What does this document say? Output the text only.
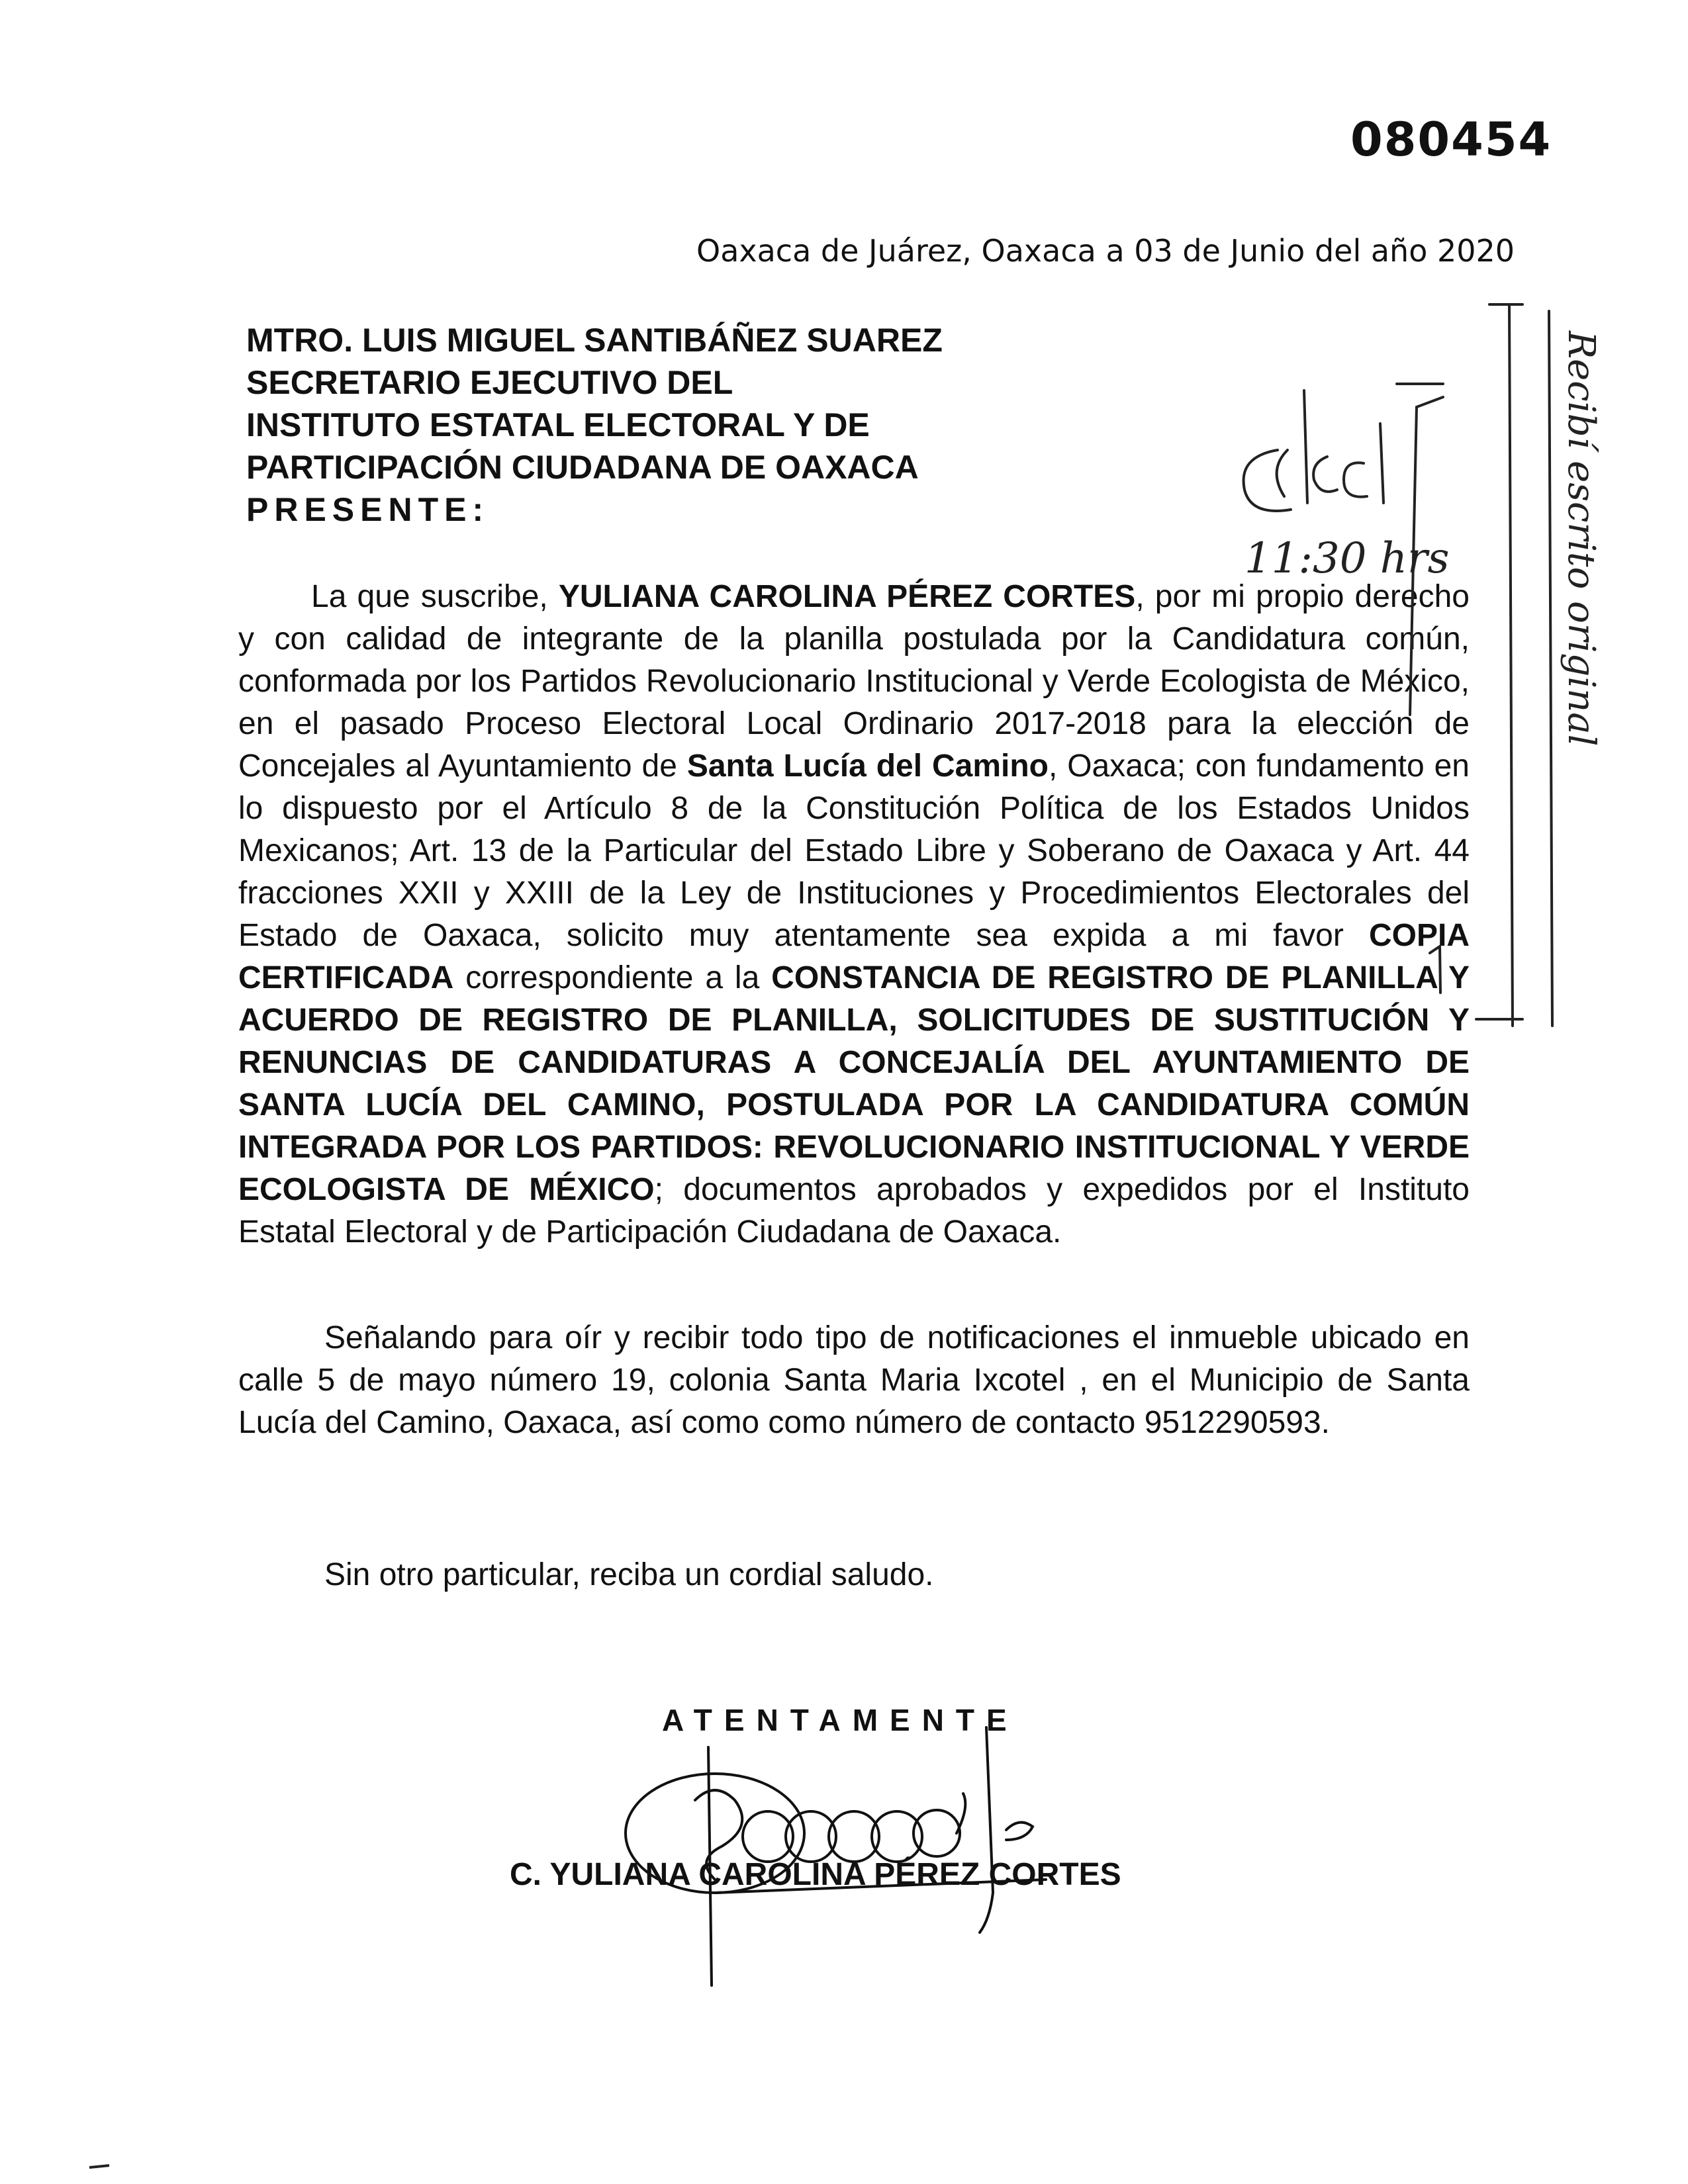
080454
Oaxaca de Juárez, Oaxaca a 03 de Junio del año 2020
MTRO. LUIS MIGUEL SANTIBÁÑEZ SUAREZ
SECRETARIO EJECUTIVO DEL
INSTITUTO ESTATAL ELECTORAL Y DE
PARTICIPACIÓN CIUDADANA DE OAXACA
PRESENTE:
La que suscribe, YULIANA CAROLINA PÉREZ CORTES, por mi propio derecho y con calidad de integrante de la planilla postulada por la Candidatura común, conformada por los Partidos Revolucionario Institucional y Verde Ecologista de México, en el pasado Proceso Electoral Local Ordinario 2017-2018 para la elección de Concejales al Ayuntamiento de Santa Lucía del Camino, Oaxaca; con fundamento en lo dispuesto por el Artículo 8 de la Constitución Política de los Estados Unidos Mexicanos; Art. 13 de la Particular del Estado Libre y Soberano de Oaxaca y Art. 44 fracciones XXII y XXIII de la Ley de Instituciones y Procedimientos Electorales del Estado de Oaxaca, solicito muy atentamente sea expida a mi favor COPIA CERTIFICADA correspondiente a la CONSTANCIA DE REGISTRO DE PLANILLA Y ACUERDO DE REGISTRO DE PLANILLA, SOLICITUDES DE SUSTITUCIÓN Y RENUNCIAS DE CANDIDATURAS A CONCEJALÍA DEL AYUNTAMIENTO DE SANTA LUCÍA DEL CAMINO, POSTULADA POR LA CANDIDATURA COMÚN INTEGRADA POR LOS PARTIDOS: REVOLUCIONARIO INSTITUCIONAL Y VERDE ECOLOGISTA DE MÉXICO; documentos aprobados y expedidos por el Instituto Estatal Electoral y de Participación Ciudadana de Oaxaca.
Señalando para oír y recibir todo tipo de notificaciones el inmueble ubicado en calle 5 de mayo número 19, colonia Santa Maria Ixcotel , en el Municipio de Santa Lucía del Camino, Oaxaca, así como como número de contacto 9512290593.
Sin otro particular, reciba un cordial saludo.
ATENTAMENTE
C. YULIANA CAROLINA PÉREZ CORTES
11:30 hrs	Recibí escrito original
